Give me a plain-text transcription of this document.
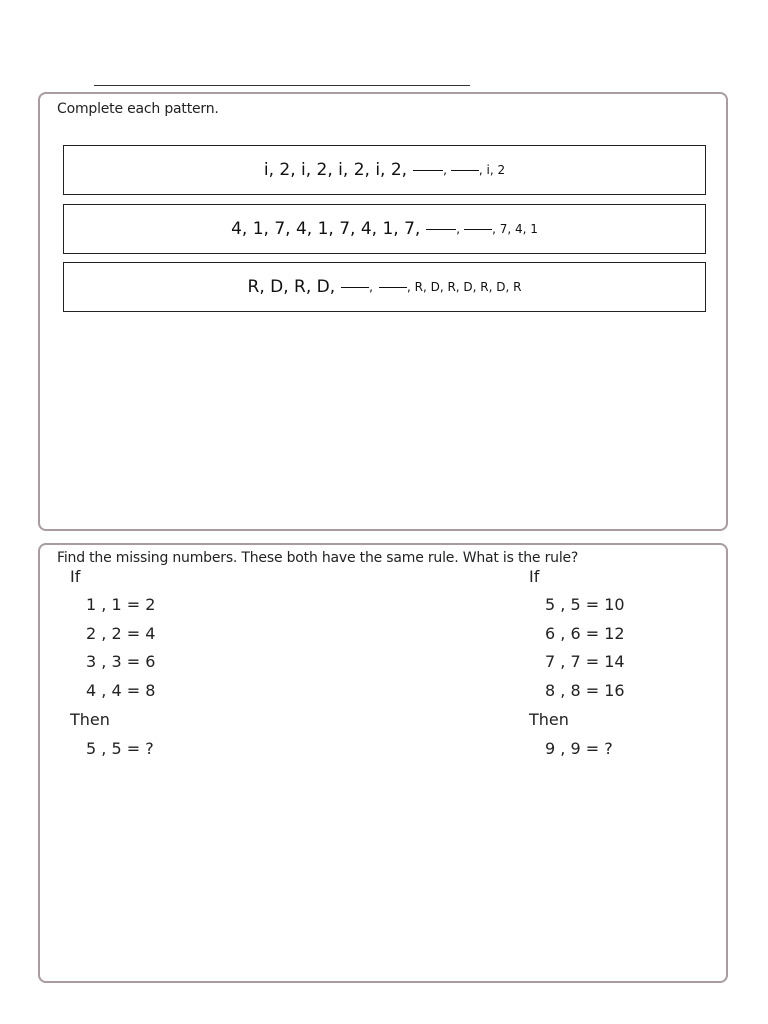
Complete each pattern.
i, 2, i, 2, i, 2, i, 2,	,	, i, 2
4, 1, 7, 4, 1, 7, 4, 1, 7,	,	, 7, 4, 1
R, D, R, D,	,	, R, D, R, D, R, D, R
Find the missing numbers. These both have the same rule. What is the rule?
If
1 , 1 = 2
2 , 2 = 4
3 , 3 = 6
4 , 4 = 8
Then
5 , 5 = ?
If
5 , 5 = 10
6 , 6 = 12
7 , 7 = 14
8 , 8 = 16
Then
9 , 9 = ?
